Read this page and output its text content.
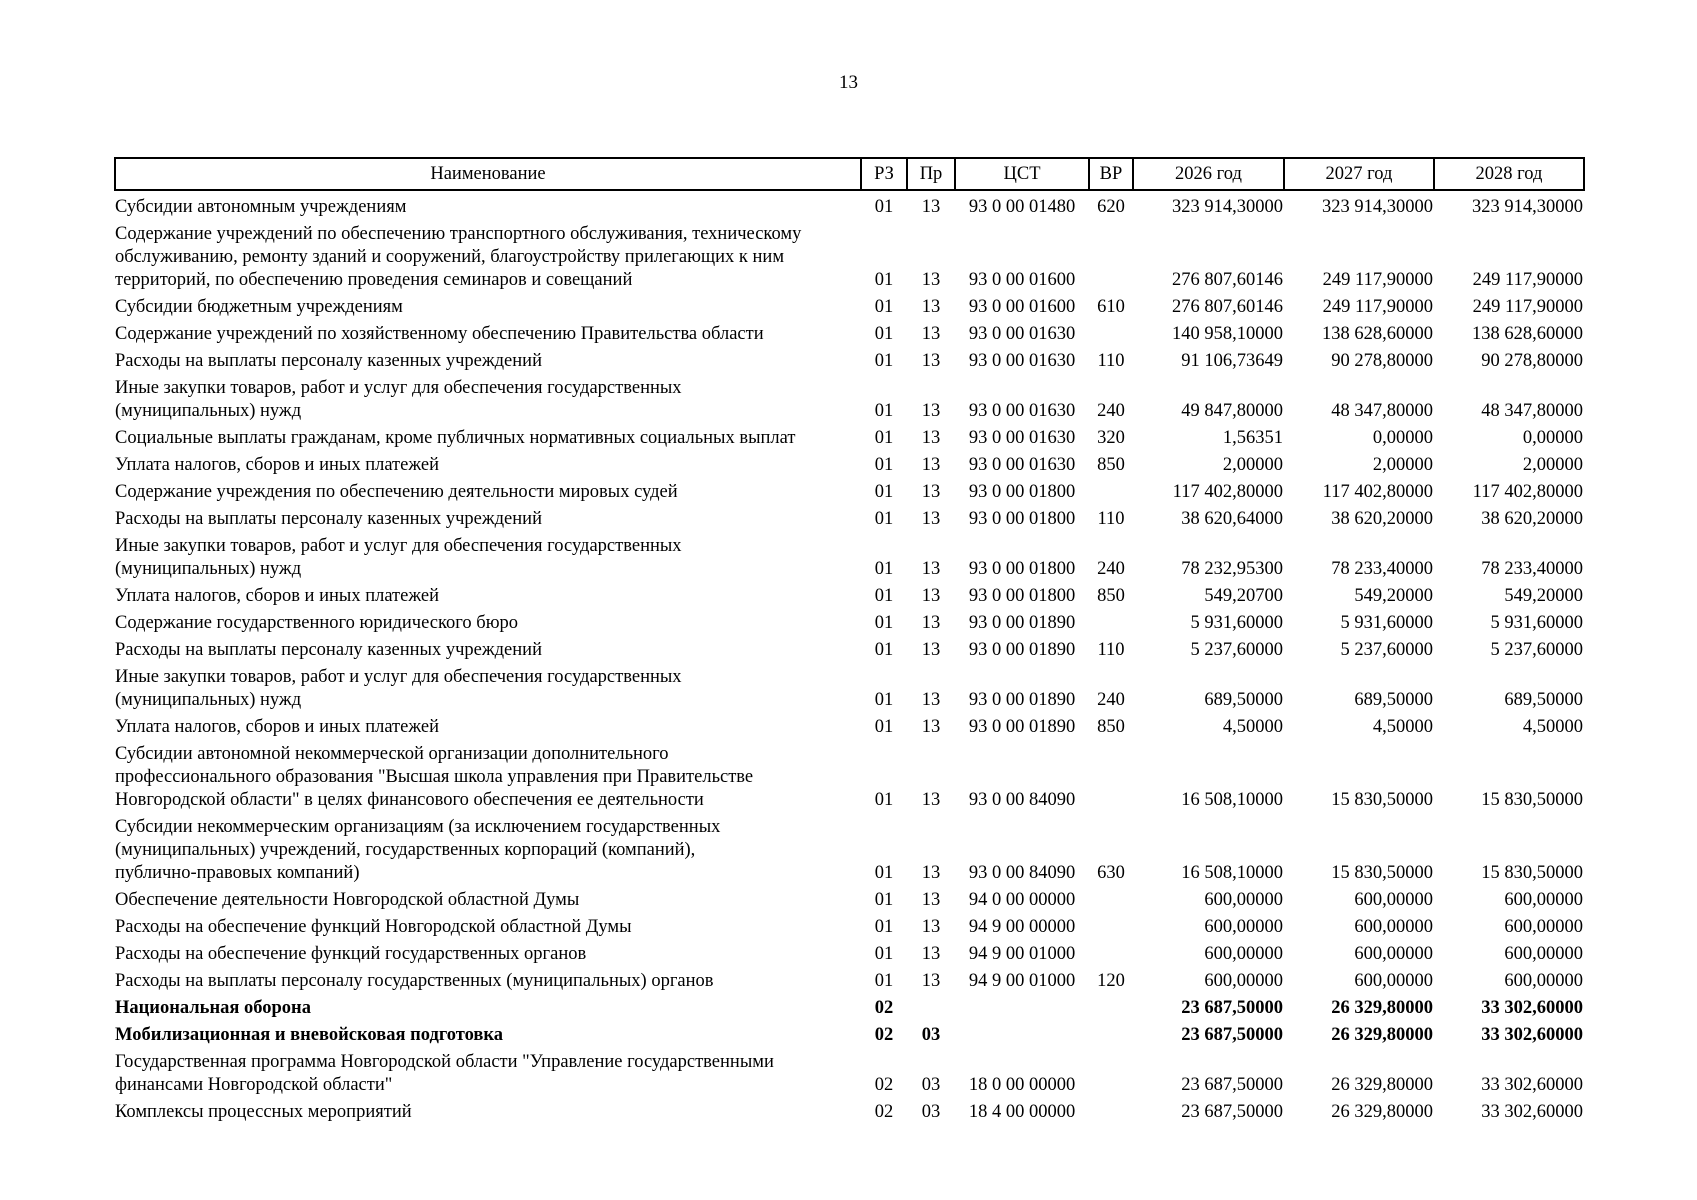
13
Наименование	РЗ	Пр	ЦСТ	ВР	2026 год	2027 год	2028 год

Субсидии автономным учреждениям	01	13	93 0 00 01480	620	323 914,30000	323 914,30000	323 914,30000

Содержание учреждений по обеспечению транспортного обслуживания, техническому
обслуживанию, ремонту зданий и сооружений, благоустройству прилегающих к ним
территорий, по обеспечению проведения семинаров и совещаний	01	13	93 0 00 01600		276 807,60146	249 117,90000	249 117,90000

Субсидии бюджетным учреждениям	01	13	93 0 00 01600	610	276 807,60146	249 117,90000	249 117,90000

Содержание учреждений по хозяйственному обеспечению Правительства области	01	13	93 0 00 01630		140 958,10000	138 628,60000	138 628,60000

Расходы на выплаты персоналу казенных учреждений	01	13	93 0 00 01630	110	91 106,73649	90 278,80000	90 278,80000

Иные закупки товаров, работ и услуг для обеспечения государственных
(муниципальных) нужд	01	13	93 0 00 01630	240	49 847,80000	48 347,80000	48 347,80000

Социальные выплаты гражданам, кроме публичных нормативных социальных выплат	01	13	93 0 00 01630	320	1,56351	0,00000	0,00000

Уплата налогов, сборов и иных платежей	01	13	93 0 00 01630	850	2,00000	2,00000	2,00000

Содержание учреждения по обеспечению деятельности мировых судей	01	13	93 0 00 01800		117 402,80000	117 402,80000	117 402,80000

Расходы на выплаты персоналу казенных учреждений	01	13	93 0 00 01800	110	38 620,64000	38 620,20000	38 620,20000

Иные закупки товаров, работ и услуг для обеспечения государственных
(муниципальных) нужд	01	13	93 0 00 01800	240	78 232,95300	78 233,40000	78 233,40000

Уплата налогов, сборов и иных платежей	01	13	93 0 00 01800	850	549,20700	549,20000	549,20000

Содержание государственного юридического бюро	01	13	93 0 00 01890		5 931,60000	5 931,60000	5 931,60000

Расходы на выплаты персоналу казенных учреждений	01	13	93 0 00 01890	110	5 237,60000	5 237,60000	5 237,60000

Иные закупки товаров, работ и услуг для обеспечения государственных
(муниципальных) нужд	01	13	93 0 00 01890	240	689,50000	689,50000	689,50000

Уплата налогов, сборов и иных платежей	01	13	93 0 00 01890	850	4,50000	4,50000	4,50000

Субсидии автономной некоммерческой организации дополнительного
профессионального образования "Высшая школа управления при Правительстве
Новгородской области" в целях финансового обеспечения ее деятельности	01	13	93 0 00 84090		16 508,10000	15 830,50000	15 830,50000

Субсидии некоммерческим организациям (за исключением государственных
(муниципальных) учреждений, государственных корпораций (компаний),
публично-правовых компаний)	01	13	93 0 00 84090	630	16 508,10000	15 830,50000	15 830,50000

Обеспечение деятельности Новгородской областной Думы	01	13	94 0 00 00000		600,00000	600,00000	600,00000

Расходы на обеспечение функций Новгородской областной Думы	01	13	94 9 00 00000		600,00000	600,00000	600,00000

Расходы на обеспечение функций государственных органов	01	13	94 9 00 01000		600,00000	600,00000	600,00000

Расходы на выплаты персоналу государственных (муниципальных) органов	01	13	94 9 00 01000	120	600,00000	600,00000	600,00000

Национальная оборона	02				23 687,50000	26 329,80000	33 302,60000

Мобилизационная и вневойсковая подготовка	02	03			23 687,50000	26 329,80000	33 302,60000

Государственная программа Новгородской области "Управление государственными
финансами Новгородской области"	02	03	18 0 00 00000		23 687,50000	26 329,80000	33 302,60000

Комплексы процессных мероприятий	02	03	18 4 00 00000		23 687,50000	26 329,80000	33 302,60000
